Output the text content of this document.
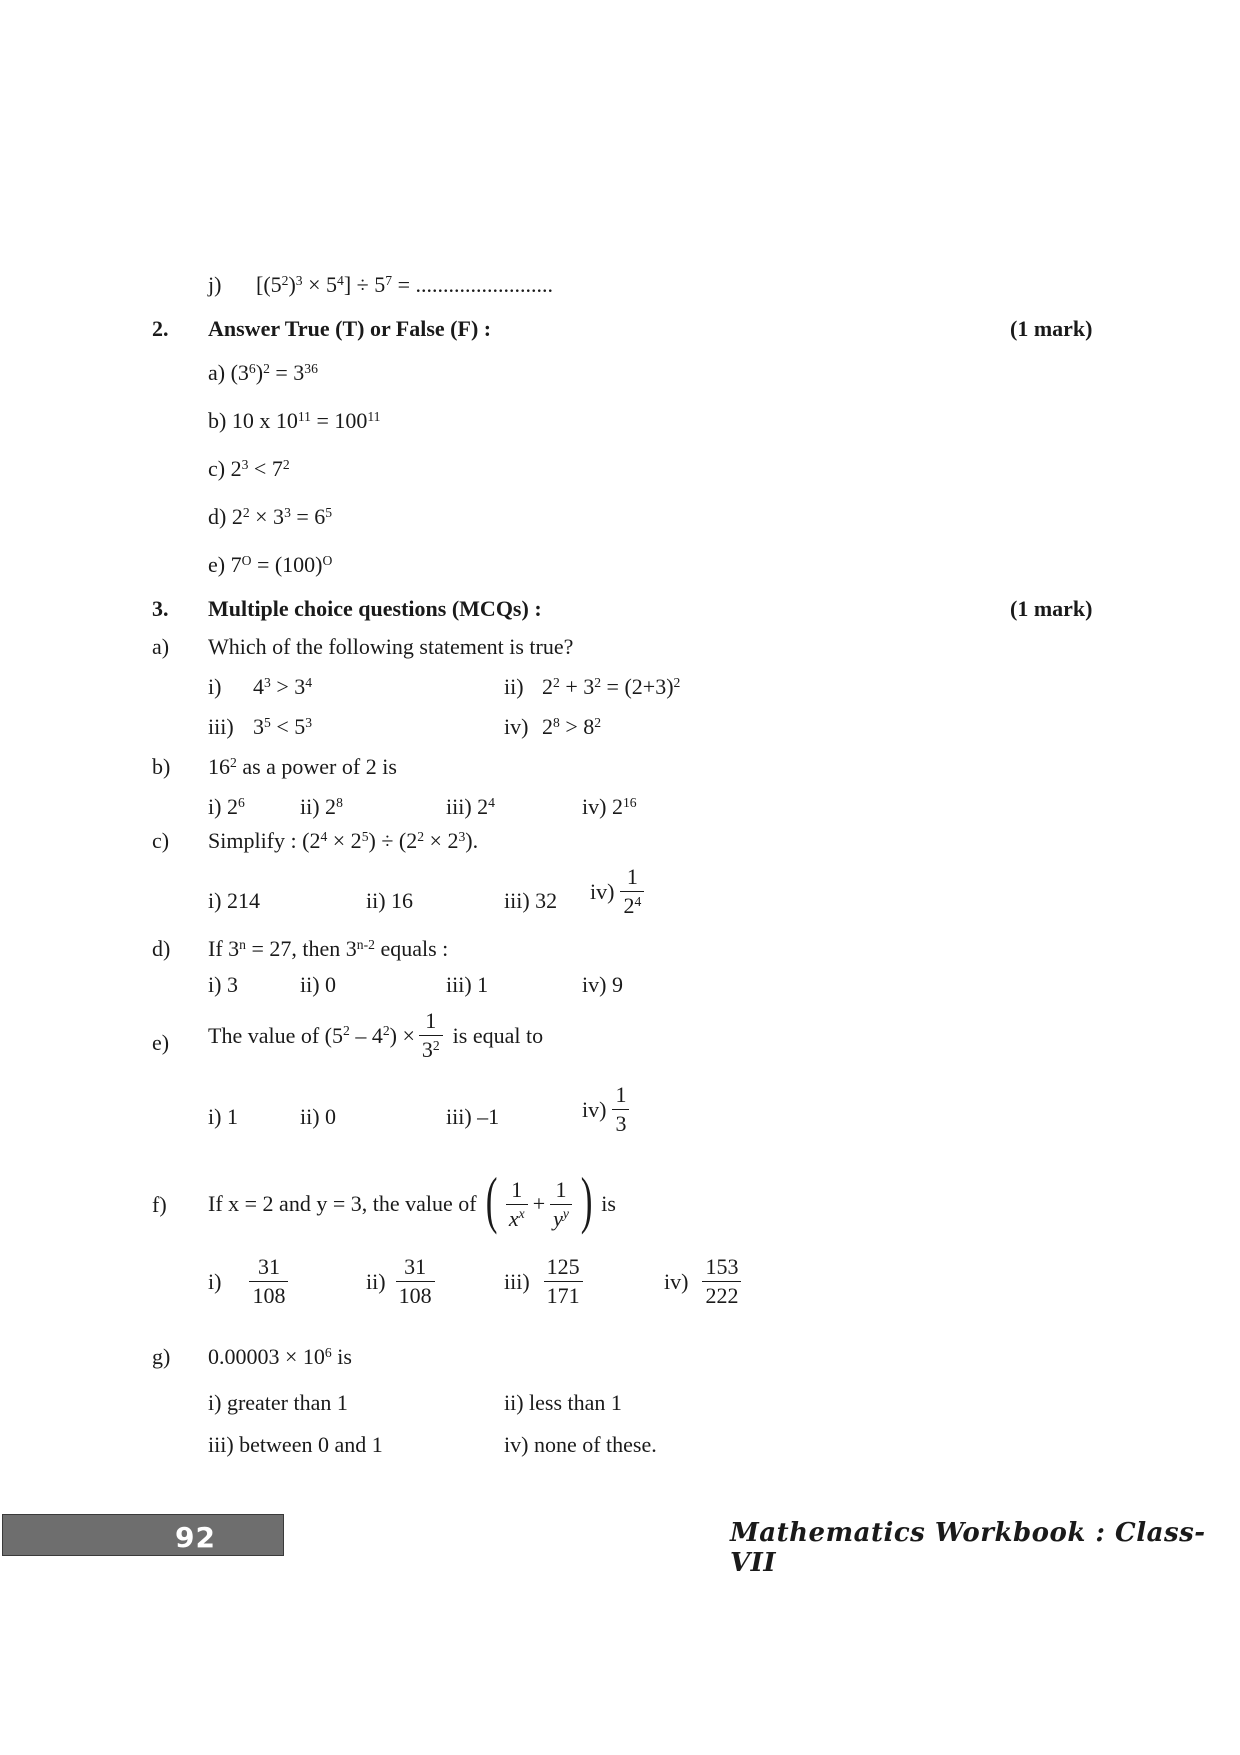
j) $[(5^2)^3 \times 5^4] \div 5^7$ = .........................
2. Answer True (T) or False (F) :	(1 mark)
a) $(3^6)^2 = 3^{36}$
b) 10 x $10^{11} = 100^{11}$
c) $2^3 < 7^2$
d) $2^2 \times 3^3 = 6^5$
e) $7^O = (100)^O$
3. Multiple choice questions (MCQs) :	(1 mark)
a) Which of the following statement is true?
i) $4^3 > 3^4$	ii) $2^2 + 3^2 = (2+3)^2$
iii) $3^5 < 5^3$	iv) $2^8 > 8^2$
b) $16^2$ as a power of 2 is
i) $2^6$	ii) $2^8$	iii) $2^4$	iv) $2^{16}$
c) Simplify : $(2^4 \times 2^5) \div (2^2 \times 2^3)$.
i) 214	ii) 16	iii) 32 $iv) \frac{1}{2^4}$
d) If $3^n = 27$, then 3$^{n-2}$ equals :
i) 3	ii) 0	iii) 1	iv) 9
e) The value of $(5^2 - 4^2) \times \frac{1}{3^2}$ is equal to
i) 1	ii) 0	iii) –1	$iv) \frac{1}{3}$
f) If x = 2 and y = 3, the value of ( $\frac{1}{x^x} + \frac{1}{y^y}$ ) is
$i) \frac{31}{108}$	$ii) \frac{31}{108}$	$iii) \frac{125}{171}$	$iv) \frac{153}{222}$
g) $0.00003 \times 10^6$ is
i) greater than 1	ii) less than 1
iii) between 0 and 1	iv) none of these.
92	Mathematics Workbook : Class-VII
